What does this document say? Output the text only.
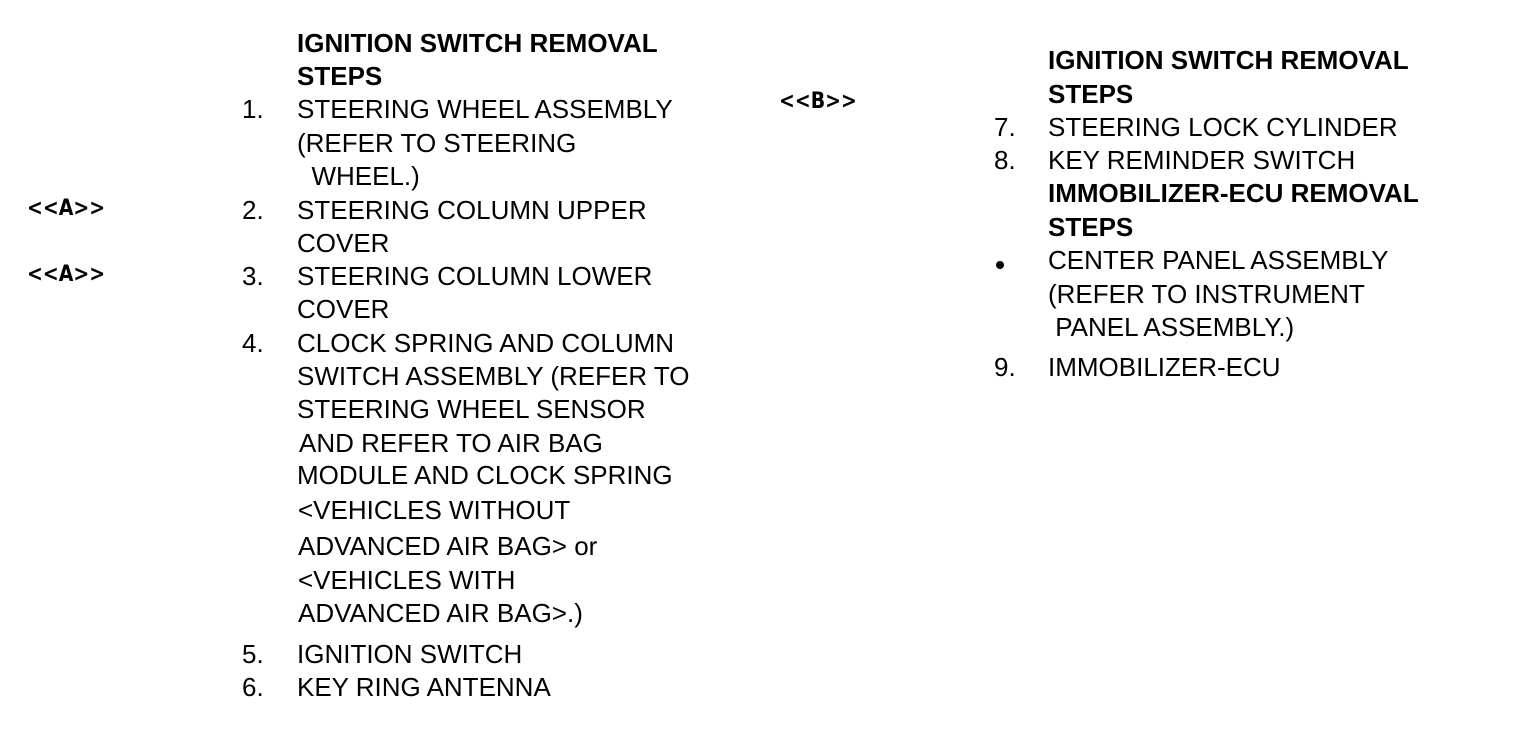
IGNITION SWITCH REMOVAL
STEPS
1. STEERING WHEEL ASSEMBLY
(REFER TO STEERING
WHEEL.)
<<A>>	2. STEERING COLUMN UPPER
COVER
<<A>>	3. STEERING COLUMN LOWER
COVER
4. CLOCK SPRING AND COLUMN
SWITCH ASSEMBLY (REFER TO
STEERING WHEEL SENSOR
AND REFER TO AIR BAG
MODULE AND CLOCK SPRING
<VEHICLES WITHOUT
ADVANCED AIR BAG> or
<VEHICLES WITH
ADVANCED AIR BAG>.)
5. IGNITION SWITCH
6. KEY RING ANTENNA
<<B>>
IGNITION SWITCH REMOVAL
STEPS
7. STEERING LOCK CYLINDER
8. KEY REMINDER SWITCH
IMMOBILIZER-ECU REMOVAL
STEPS
CENTER PANEL ASSEMBLY
(REFER TO INSTRUMENT
PANEL ASSEMBLY.)
9. IMMOBILIZER-ECU
